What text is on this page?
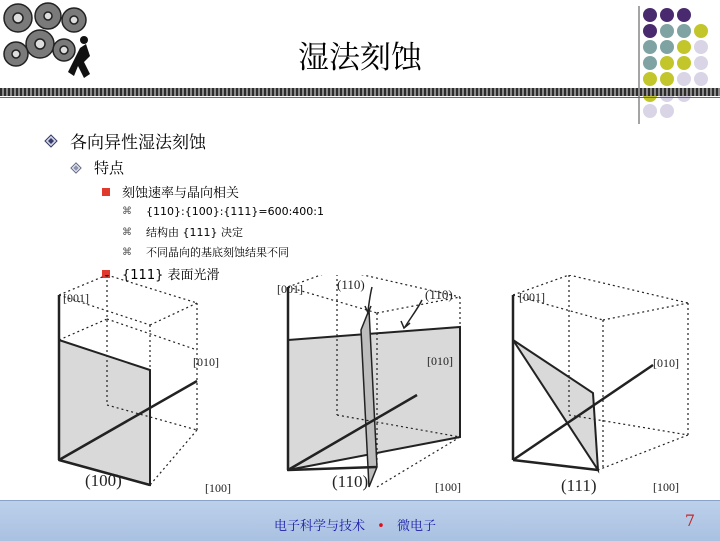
湿法刻蚀
各向异性湿法刻蚀
特点
刻蚀速率与晶向相关
⌘ {110}:{100}:{111}=600:400:1
⌘ 结构由 {111} 决定
⌘ 不同晶向的基底刻蚀结果不同
{111} 表面光滑
[001]
[010]
[100]
(100)
[001]	(110)
(110)
[010]
[100]
(110)
[001]
[010]
[100]
(111)
电子科学与技术 • 微电子	7
